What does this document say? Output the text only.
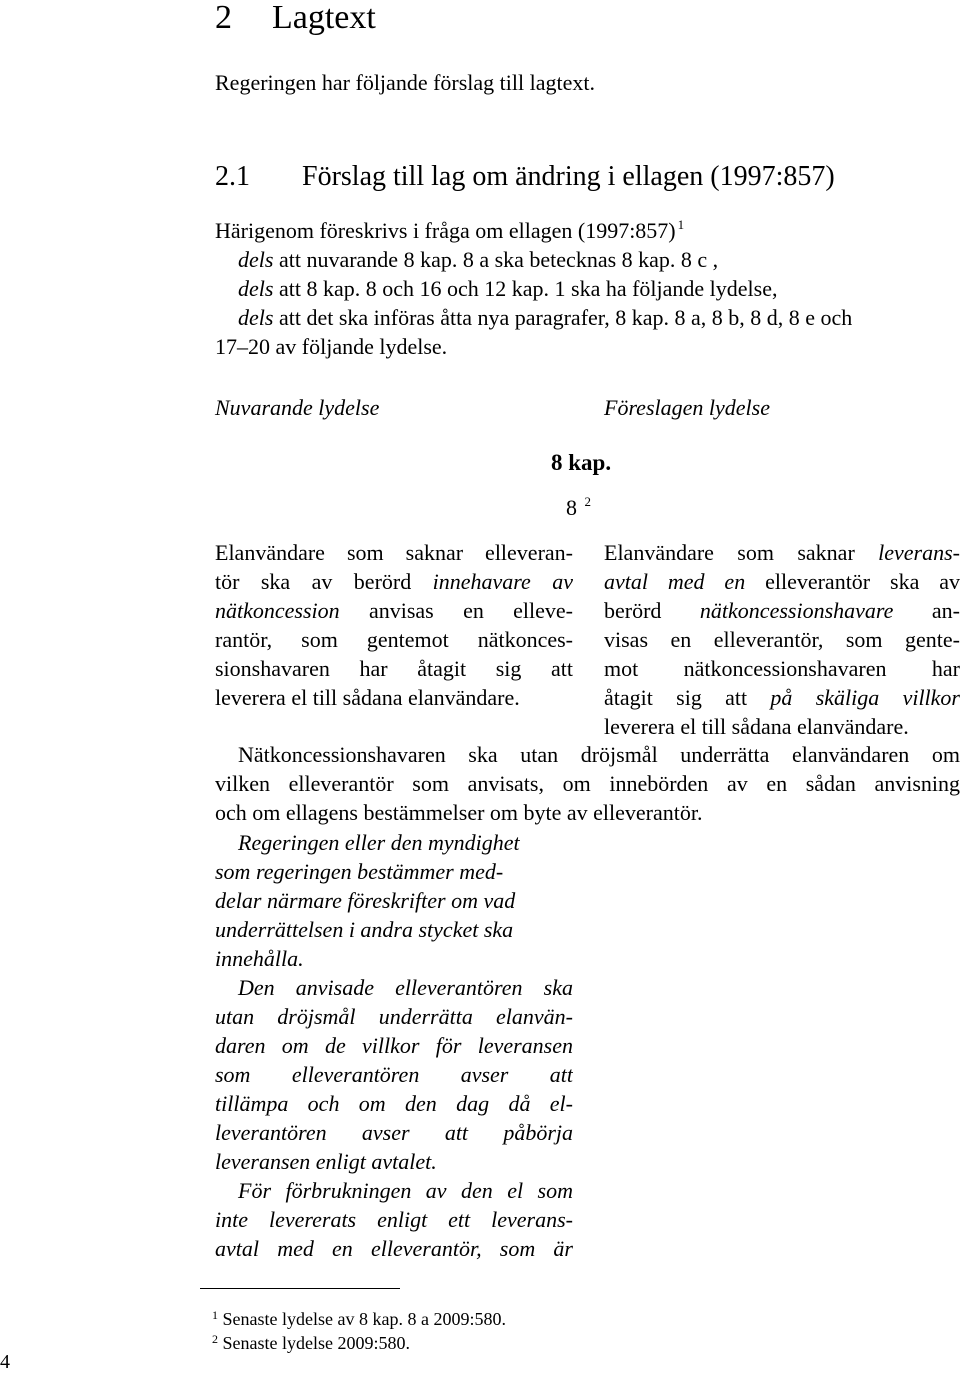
2 Lagtext
Regeringen har följande förslag till lagtext.
2.1 Förslag till lag om ändring i ellagen (1997:857)
Härigenom föreskrivs i fråga om ellagen (1997:857) $^1$
dels att nuvarande 8 kap. 8 a ska betecknas 8 kap. 8 c ,
dels att 8 kap. 8 och 16 och 12 kap. 1 ska ha följande lydelse,
dels att det ska införas åtta nya paragrafer, 8 kap. 8 a, 8 b, 8 d, 8 e och
17–20 av följande lydelse.
Nuvarande lydelse	Föreslagen lydelse
8 kap.
8 $^2$
Elanvändare som saknar elleveran-
tör ska av berörd innehavare av
nätkoncession anvisas en elleve-
rantör, som gentemot nätkonces-
sionshavaren har åtagit sig att
leverera el till sådana elanvändare.
Elanvändare som saknar leverans-
avtal med en elleverantör ska av
berörd nätkoncessionshavare an-
visas en elleverantör, som gente-
mot nätkoncessionshavaren har
åtagit sig att på skäliga villkor
leverera el till sådana elanvändare.
Nätkoncessionshavaren ska utan dröjsmål underrätta elanvändaren om
vilken elleverantör som anvisats, om innebörden av en sådan anvisning
och om ellagens bestämmelser om byte av elleverantör.
Regeringen eller den myndighet
som regeringen bestämmer med-
delar närmare föreskrifter om vad
underrättelsen i andra stycket ska
innehålla.
Den anvisade elleverantören ska
utan dröjsmål underrätta elanvän-
daren om de villkor för leveransen
som elleverantören avser att
tillämpa och om den dag då el-
leverantören avser att påbörja
leveransen enligt avtalet.
För förbrukningen av den el som
inte levererats enligt ett leverans-
avtal med en elleverantör, som är
$^1$ Senaste lydelse av 8 kap. 8 a 2009:580.
$^2$ Senaste lydelse 2009:580.
4
